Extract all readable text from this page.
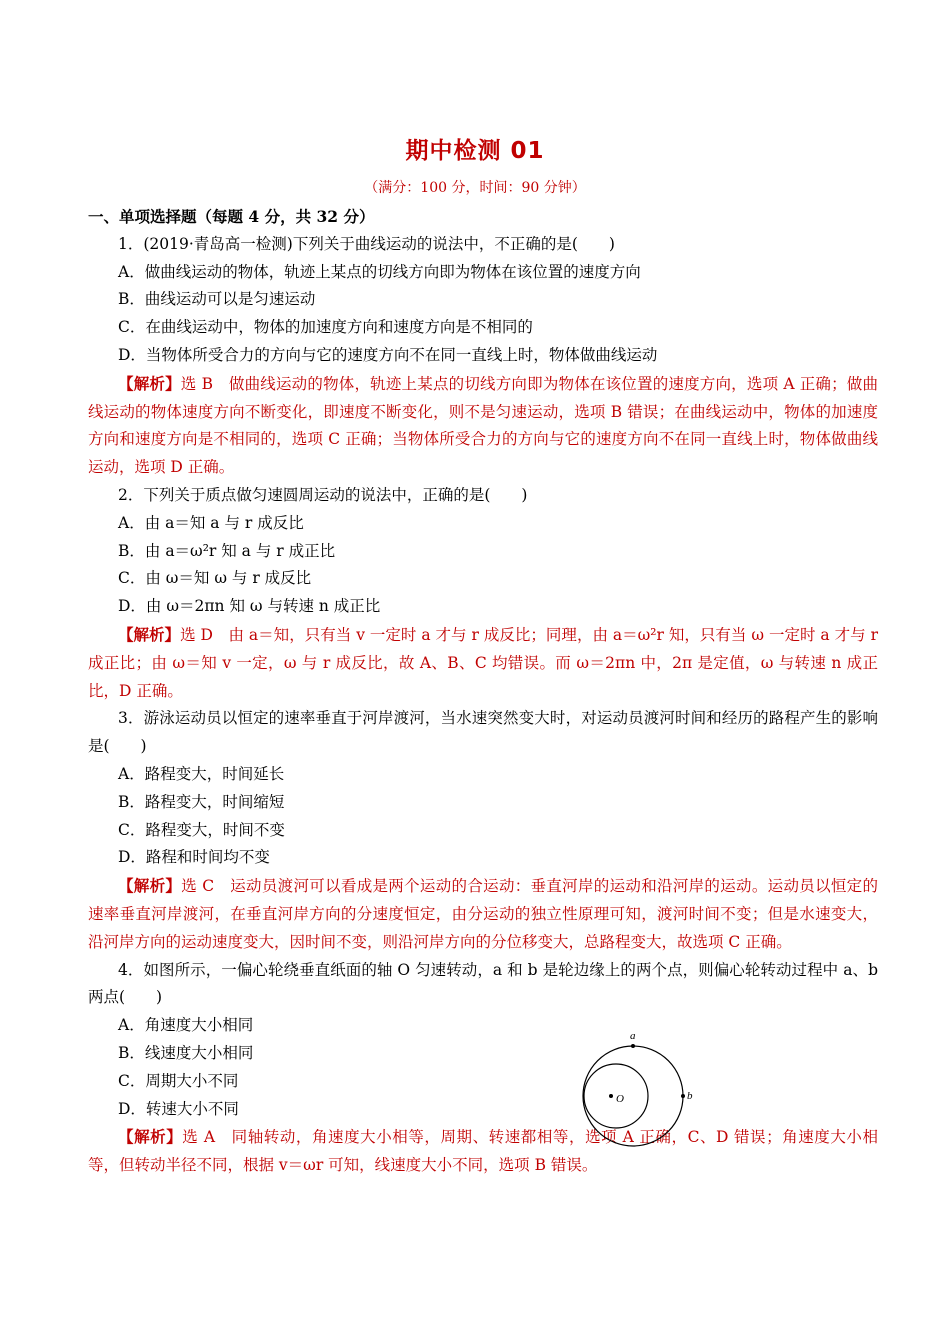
期中检测 01
（满分：100 分，时间：90 分钟）
一、单项选择题（每题 4 分，共 32 分）
1．(2019·青岛高一检测)下列关于曲线运动的说法中，不正确的是(　　)
A．做曲线运动的物体，轨迹上某点的切线方向即为物体在该位置的速度方向
B．曲线运动可以是匀速运动
C．在曲线运动中，物体的加速度方向和速度方向是不相同的
D．当物体所受合力的方向与它的速度方向不在同一直线上时，物体做曲线运动
【解析】选 B　做曲线运动的物体，轨迹上某点的切线方向即为物体在该位置的速度方向，选项 A 正确；做曲线运动的物体速度方向不断变化，即速度不断变化，则不是匀速运动，选项 B 错误；在曲线运动中，物体的加速度方向和速度方向是不相同的，选项 C 正确；当物体所受合力的方向与它的速度方向不在同一直线上时，物体做曲线运动，选项 D 正确。
2．下列关于质点做匀速圆周运动的说法中，正确的是(　　)
A．由 a＝知 a 与 r 成反比
B．由 a＝ω²r 知 a 与 r 成正比
C．由 ω＝知 ω 与 r 成反比
D．由 ω＝2πn 知 ω 与转速 n 成正比
【解析】选 D　由 a＝知，只有当 v 一定时 a 才与 r 成反比；同理，由 a＝ω²r 知，只有当 ω 一定时 a 才与 r 成正比；由 ω＝知 v 一定，ω 与 r 成反比，故 A、B、C 均错误。而 ω＝2πn 中，2π 是定值，ω 与转速 n 成正比，D 正确。
3．游泳运动员以恒定的速率垂直于河岸渡河，当水速突然变大时，对运动员渡河时间和经历的路程产生的影响是(　　)
A．路程变大，时间延长
B．路程变大，时间缩短
C．路程变大，时间不变
D．路程和时间均不变
【解析】选 C　运动员渡河可以看成是两个运动的合运动：垂直河岸的运动和沿河岸的运动。运动员以恒定的速率垂直河岸渡河，在垂直河岸方向的分速度恒定，由分运动的独立性原理可知，渡河时间不变；但是水速变大，沿河岸方向的运动速度变大，因时间不变，则沿河岸方向的分位移变大，总路程变大，故选项 C 正确。
4．如图所示，一偏心轮绕垂直纸面的轴 O 匀速转动，a 和 b 是轮边缘上的两个点，则偏心轮转动过程中 a、b 两点(　　)
A．角速度大小相同
B．线速度大小相同
C．周期大小不同
D．转速大小不同
【解析】选 A　同轴转动，角速度大小相等，周期、转速都相等，选项 A 正确，C、D 错误；角速度大小相等，但转动半径不同，根据 v＝ωr 可知，线速度大小不同，选项 B 错误。
a
b
O
